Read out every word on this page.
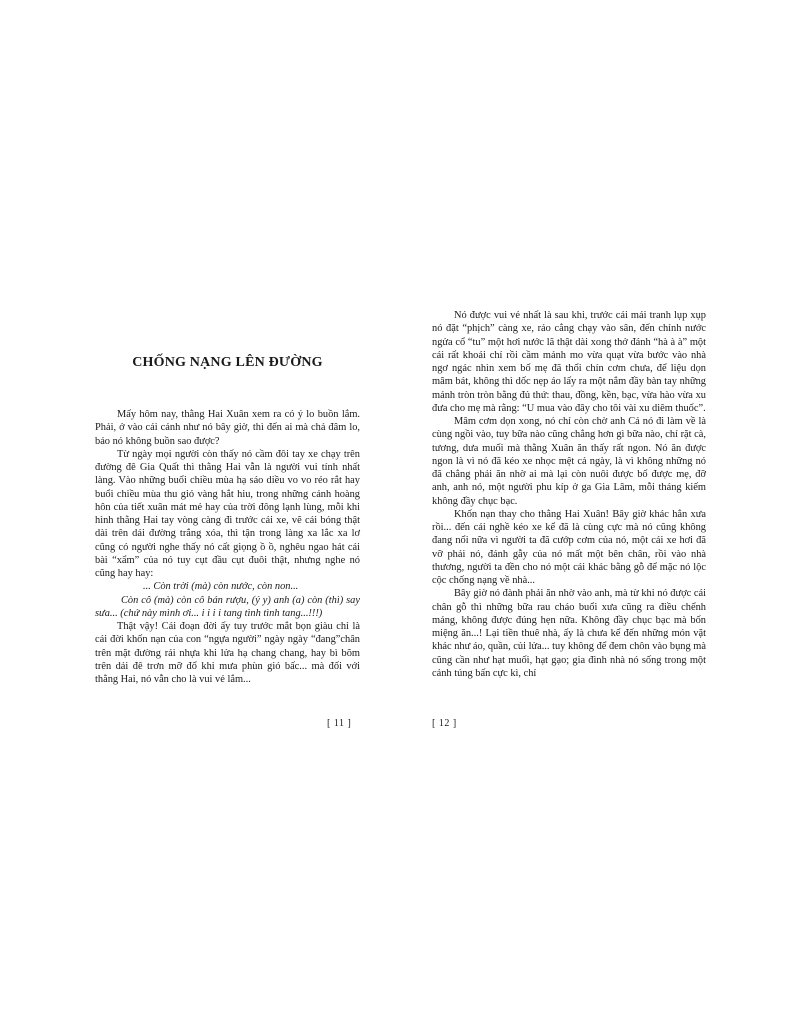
CHỐNG NẠNG LÊN ĐƯỜNG

Mấy hôm nay, thằng Hai Xuân xem ra có ý lo buồn lắm. Phải, ở vào cái cảnh như nó bây giờ, thì đến ai mà chả đâm lo, bảo nó không buồn sao được?

Từ ngày mọi người còn thấy nó cầm đôi tay xe chạy trên đường đê Gia Quất thì thằng Hai vẫn là người vui tính nhất làng. Vào những buổi chiều mùa hạ sáo diều vo vo réo rắt hay buổi chiều mùa thu gió vàng hắt hiu, trong những cảnh hoàng hôn của tiết xuân mát mẻ hay của trời đông lạnh lùng, mỗi khi hình thằng Hai tay vòng càng đi trước cái xe, vẽ cái bóng thật dài trên dải đường trắng xóa, thì tận trong làng xa lắc xa lơ cũng có người nghe thấy nó cất giọng ồ ồ, nghêu ngao hát cái bài “xẩm” của nó tuy cụt đầu cụt đuôi thật, nhưng nghe nó cũng hay hay:

... Còn trời (mà) còn nước, còn non...

Còn cô (mà) còn cô bán rượu, (ý y) anh (a) còn (thì) say sưa... (chứ này mình ơi... i i i i tang tình tình tang...!!!)

Thật vậy! Cái đoạn đời ấy tuy trước mắt bọn giàu chỉ là cái đời khốn nạn của con “ngựa người” ngày ngày “đang”chân trên mặt đường rải nhựa khi lửa hạ chang chang, hay bì bõm trên dải đê trơn mỡ đổ khi mưa phùn gió bấc... mà đối với thằng Hai, nó vẫn cho là vui vẻ lắm...

[ 11 ]

Nó được vui vẻ nhất là sau khi, trước cái mái tranh lụp xụp nó đặt “phịch” càng xe, rảo cẳng chạy vào sân, đến chỉnh nước ngửa cổ “tu” một hơi nước lã thật dài xong thở đánh “hà à à” một cái rất khoái chí rồi cầm mảnh mo vừa quạt vừa bước vào nhà ngơ ngác nhìn xem bố mẹ đã thổi chín cơm chưa, để liệu dọn mâm bát, không thì dốc nẹp áo lấy ra một nắm đầy bàn tay những mảnh tròn tròn bằng đủ thứ: thau, đồng, kền, bạc, vừa hào vừa xu đưa cho mẹ mà rằng: “U mua vào đây cho tôi vài xu diêm thuốc”.

Mâm cơm dọn xong, nó chỉ còn chờ anh Cả nó đi làm về là cùng ngồi vào, tuy bữa nào cũng chẳng hơn gì bữa nào, chỉ rặt cà, tương, dưa muối mà thằng Xuân ăn thấy rất ngon. Nó ăn được ngon là vì nó đã kéo xe nhọc mệt cả ngày, là vì không những nó đã chẳng phải ăn nhờ ai mà lại còn nuôi được bố được mẹ, đỡ anh, anh nó, một người phu kíp ở ga Gia Lâm, mỗi tháng kiếm không đầy chục bạc.

Khốn nạn thay cho thằng Hai Xuân! Bây giờ khác hẳn xưa rồi... đến cái nghề kéo xe kể đã là cùng cực mà nó cũng không đang nổi nữa vì người ta đã cướp cơm của nó, một cái xe hơi đã vỡ phải nó, đánh gẫy của nó mất một bên chân, rồi vào nhà thương, người ta đền cho nó một cái khác bằng gỗ để mặc nó lộc cộc chống nạng về nhà...

Bây giờ nó đành phải ăn nhờ vào anh, mà từ khi nó được cái chân gỗ thì những bữa rau cháo buổi xưa cũng ra điều chểnh mảng, không được đúng hẹn nữa. Không đầy chục bạc mà bốn miệng ăn...! Lại tiền thuê nhà, ấy là chưa kể đến những món vặt khác như áo, quần, củi lửa... tuy không để đem chôn vào bụng mà cũng cần như hạt muối, hạt gạo; gia đình nhà nó sống trong một cảnh túng bấn cực kì, chỉ

[ 12 ]
